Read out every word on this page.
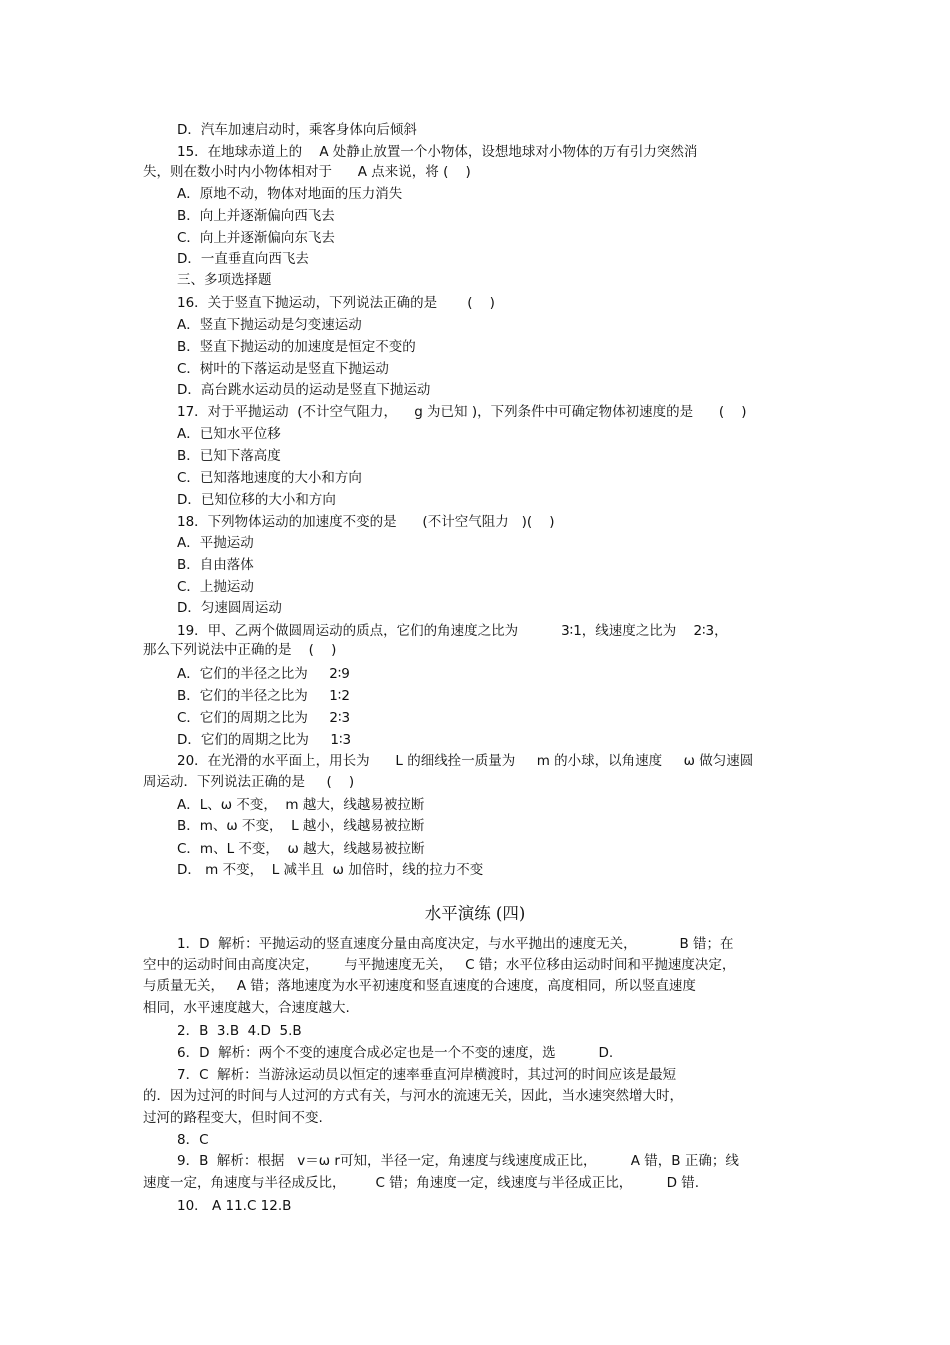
D．汽车加速启动时，乘客身体向后倾斜
15．在地球赤道上的    A 处静止放置一个小物体，设想地球对小物体的万有引力突然消
失，则在数小时内小物体相对于      A 点来说，将 (    )
A．原地不动，物体对地面的压力消失
B．向上并逐渐偏向西飞去
C．向上并逐渐偏向东飞去
D．一直垂直向西飞去
三、多项选择题
16．关于竖直下抛运动，下列说法正确的是       (    )
A．竖直下抛运动是匀变速运动
B．竖直下抛运动的加速度是恒定不变的
C．树叶的下落运动是竖直下抛运动
D．高台跳水运动员的运动是竖直下抛运动
17．对于平抛运动  (不计空气阻力，    g 为已知 )，下列条件中可确定物体初速度的是      (    )
A．已知水平位移
B．已知下落高度
C．已知落地速度的大小和方向
D．已知位移的大小和方向
18．下列物体运动的加速度不变的是      (不计空气阻力   )(    )
A．平抛运动
B．自由落体
C．上抛运动
D．匀速圆周运动
19．甲、乙两个做圆周运动的质点，它们的角速度之比为          3∶1，线速度之比为    2∶3，
那么下列说法中正确的是    (    )
A．它们的半径之比为     2∶9
B．它们的半径之比为     1∶2
C．它们的周期之比为     2∶3
D．它们的周期之比为     1∶3
20．在光滑的水平面上，用长为      L 的细线拴一质量为     m 的小球，以角速度     ω 做匀速圆
周运动．下列说法正确的是     (    )
A．L、ω 不变，  m 越大，线越易被拉断
B．m、ω 不变，  L 越小，线越易被拉断
C．m、L 不变，  ω 越大，线越易被拉断
D． m 不变，  L 减半且  ω 加倍时，线的拉力不变
水平演练 (四)
1．D  解析：平抛运动的竖直速度分量由高度决定，与水平抛出的速度无关，          B 错；在
空中的运动时间由高度决定，      与平抛速度无关，   C 错；水平位移由运动时间和平抛速度决定，
与质量无关，   A 错；落地速度为水平初速度和竖直速度的合速度，高度相同，所以竖直速度
相同，水平速度越大，合速度越大.
2．B  3.B  4.D  5.B
6．D  解析：两个不变的速度合成必定也是一个不变的速度，选          D.
7．C  解析：当游泳运动员以恒定的速率垂直河岸横渡时，其过河的时间应该是最短
的．因为过河的时间与人过河的方式有关，与河水的流速无关，因此，当水速突然增大时，
过河的路程变大，但时间不变.
8．C
9．B  解析：根据   v＝ω r可知，半径一定，角速度与线速度成正比，        A 错，B 正确；线
速度一定，角速度与半径成反比，       C 错；角速度一定，线速度与半径成正比，        D 错.
10． A 11.C 12.B
